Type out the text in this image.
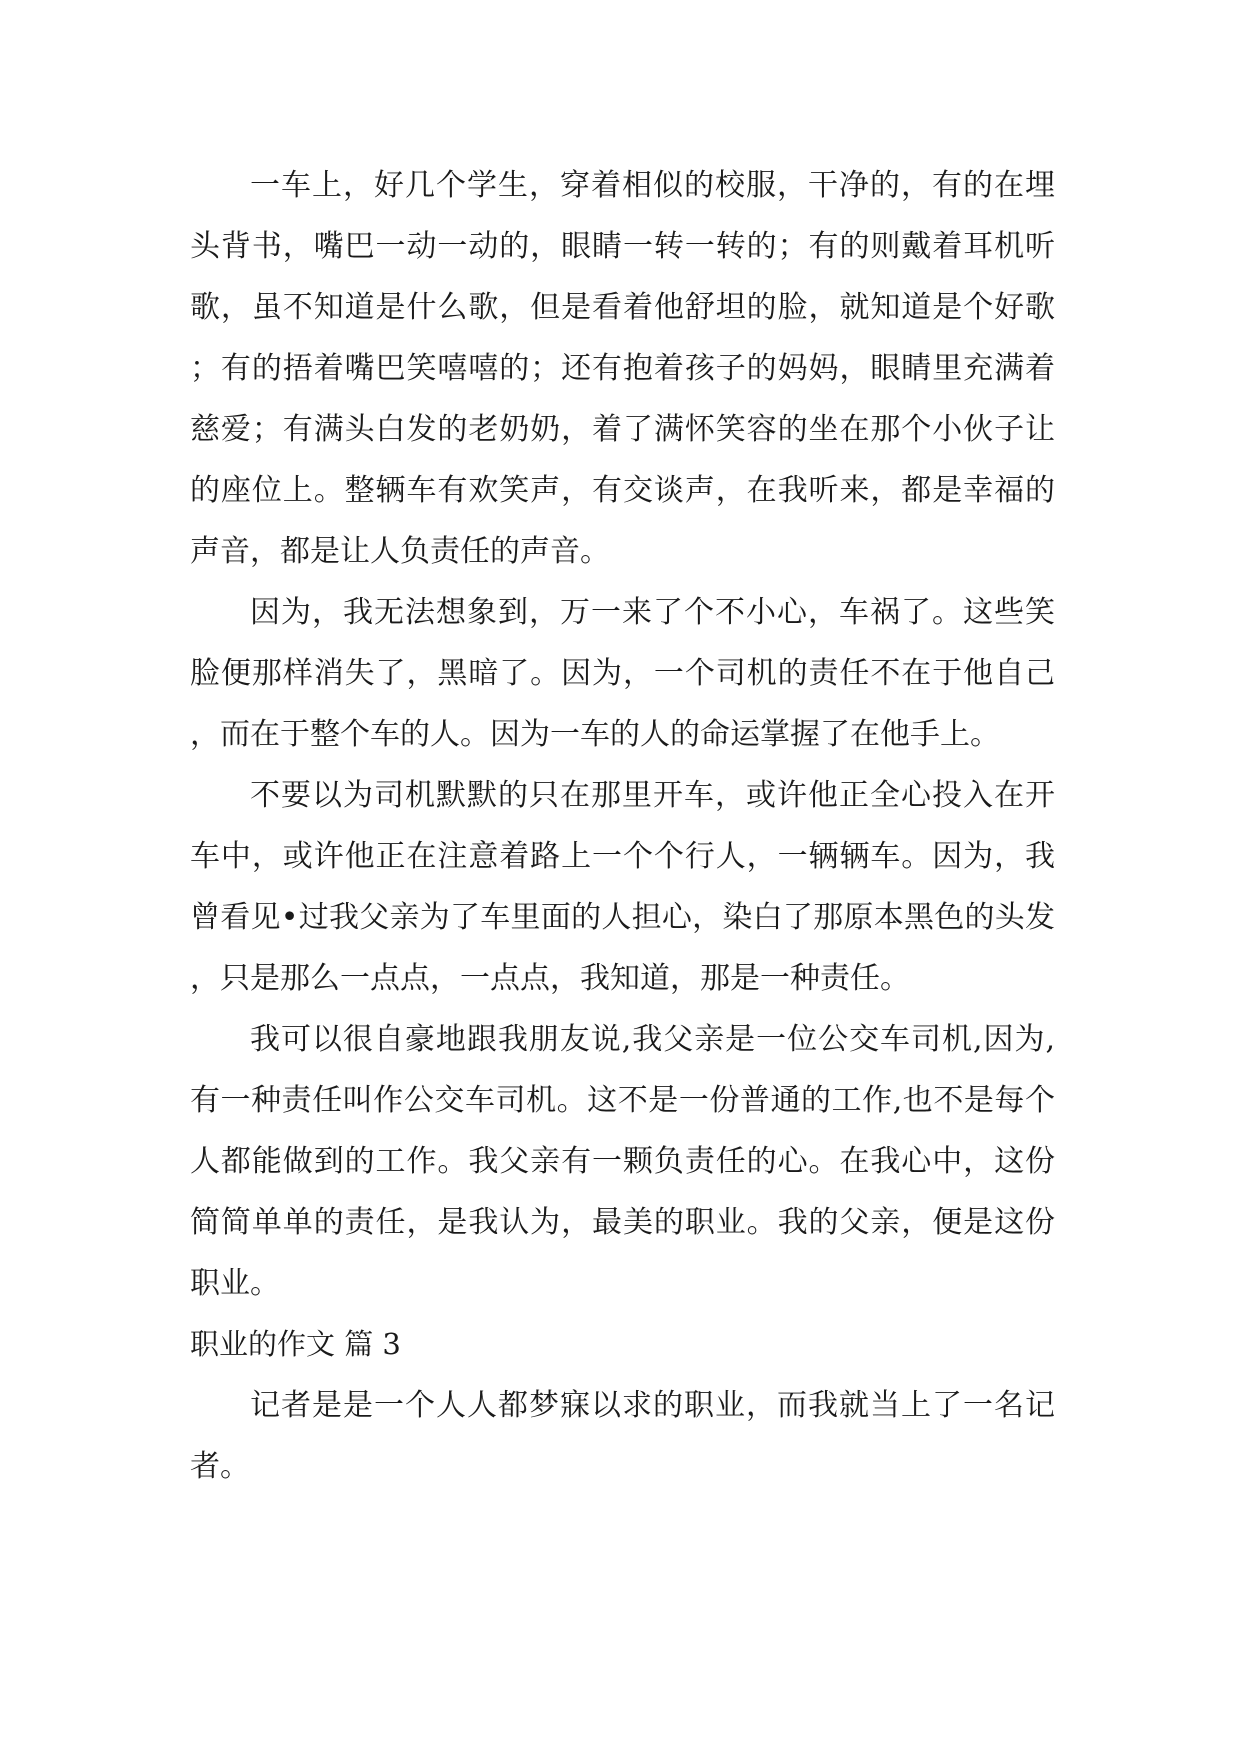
一车上，好几个学生，穿着相似的校服，干净的，有的在埋头背书，嘴巴一动一动的，眼睛一转一转的；有的则戴着耳机听歌，虽不知道是什么歌，但是看着他舒坦的脸，就知道是个好歌；有的捂着嘴巴笑嘻嘻的；还有抱着孩子的妈妈，眼睛里充满着慈爱；有满头白发的老奶奶，着了满怀笑容的坐在那个小伙子让的座位上。整辆车有欢笑声，有交谈声，在我听来，都是幸福的声音，都是让人负责任的声音。

因为，我无法想象到，万一来了个不小心，车祸了。这些笑脸便那样消失了，黑暗了。因为，一个司机的责任不在于他自己，而在于整个车的人。因为一车的人的命运掌握了在他手上。

不要以为司机默默的只在那里开车，或许他正全心投入在开车中，或许他正在注意着路上一个个行人，一辆辆车。因为，我曾看见•过我父亲为了车里面的人担心，染白了那原本黑色的头发，只是那么一点点，一点点，我知道，那是一种责任。

我可以很自豪地跟我朋友说,我父亲是一位公交车司机,因为,有一种责任叫作公交车司机。这不是一份普通的工作,也不是每个人都能做到的工作。我父亲有一颗负责任的心。在我心中，这份简简单单的责任，是我认为，最美的职业。我的父亲，便是这份职业。

职业的作文 篇 3

记者是是一个人人都梦寐以求的职业，而我就当上了一名记者。
